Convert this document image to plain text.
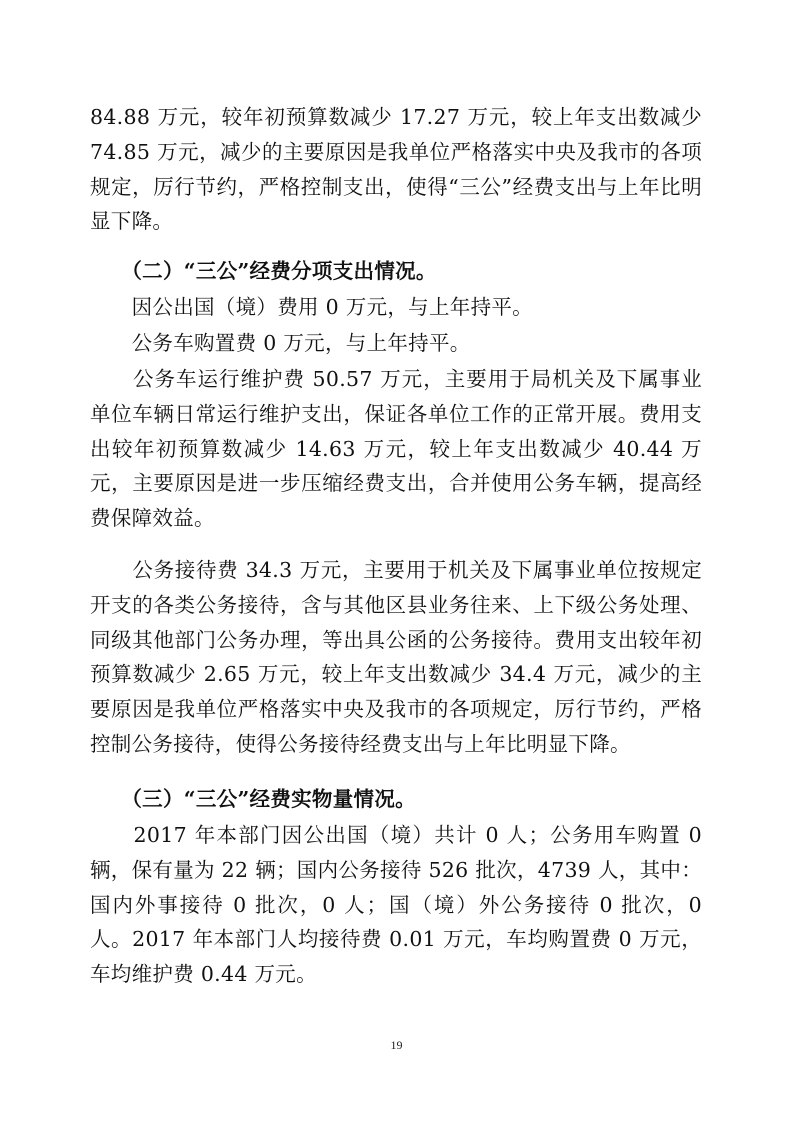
84.88 万元，较年初预算数减少 17.27 万元，较上年支出数减少 74.85 万元，减少的主要原因是我单位严格落实中央及我市的各项规定，厉行节约，严格控制支出，使得“三公”经费支出与上年比明显下降。

　　（二）“三公”经费分项支出情况。

　　因公出国（境）费用 0 万元，与上年持平。

　　公务车购置费 0 万元，与上年持平。

　　公务车运行维护费 50.57 万元，主要用于局机关及下属事业单位车辆日常运行维护支出，保证各单位工作的正常开展。费用支出较年初预算数减少 14.63 万元，较上年支出数减少 40.44 万元，主要原因是进一步压缩经费支出，合并使用公务车辆，提高经费保障效益。

　　公务接待费 34.3 万元，主要用于机关及下属事业单位按规定开支的各类公务接待，含与其他区县业务往来、上下级公务处理、同级其他部门公务办理，等出具公函的公务接待。费用支出较年初预算数减少 2.65 万元，较上年支出数减少 34.4 万元，减少的主要原因是我单位严格落实中央及我市的各项规定，厉行节约，严格控制公务接待，使得公务接待经费支出与上年比明显下降。

　　（三）“三公”经费实物量情况。

　　2017 年本部门因公出国（境）共计 0 人；公务用车购置 0 辆，保有量为 22 辆；国内公务接待 526 批次，4739 人，其中：国内外事接待 0 批次，0 人；国（境）外公务接待 0 批次，0 人。2017 年本部门人均接待费 0.01 万元，车均购置费 0 万元，车均维护费 0.44 万元。

19
